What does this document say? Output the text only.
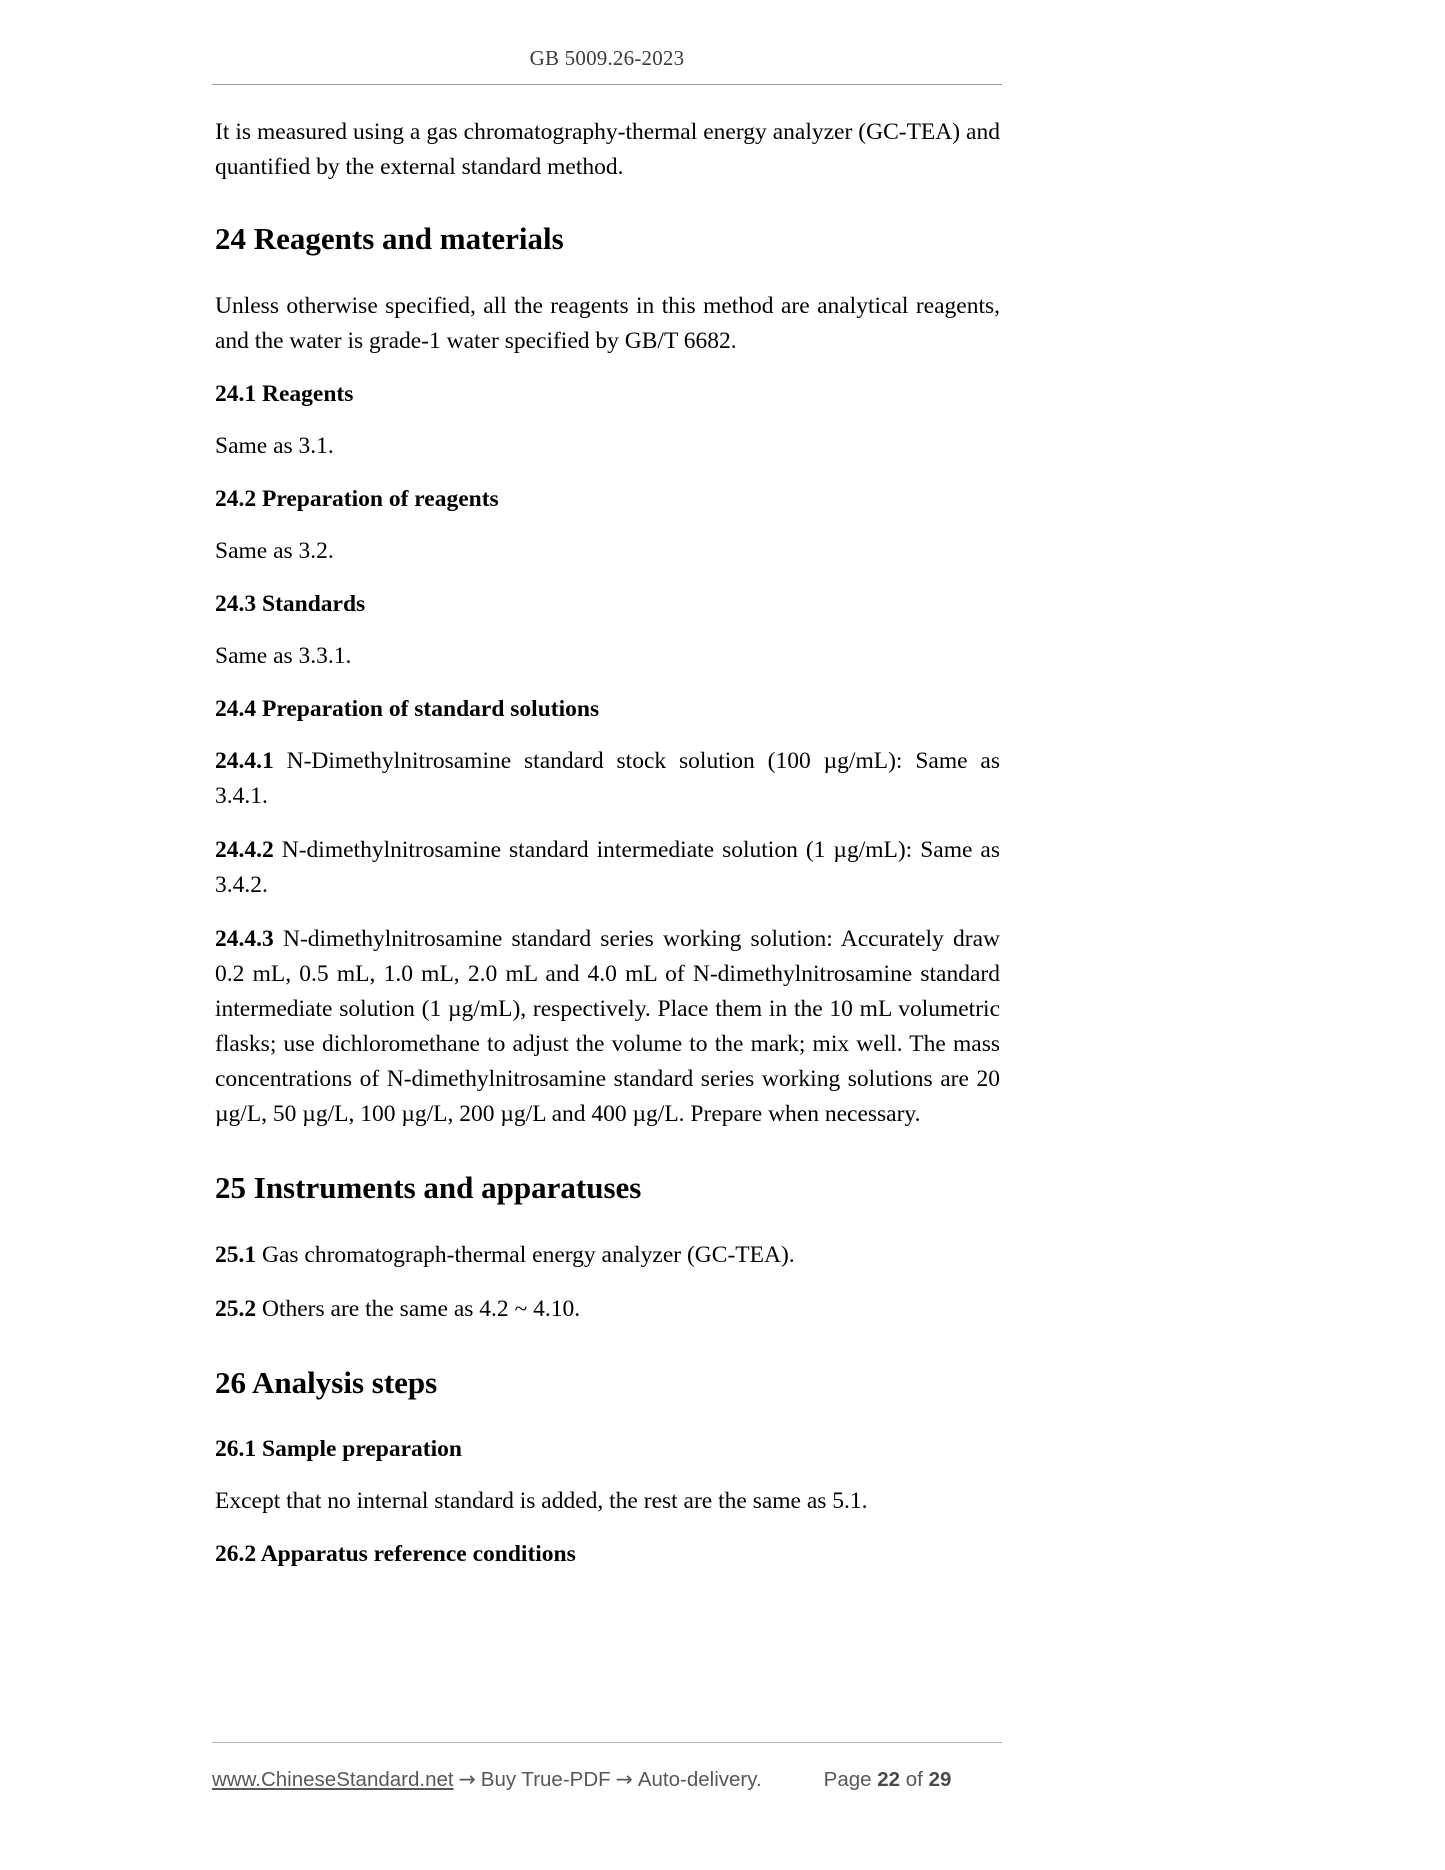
GB 5009.26-2023

It is measured using a gas chromatography-thermal energy analyzer (GC-TEA) and quantified by the external standard method.

24 Reagents and materials

Unless otherwise specified, all the reagents in this method are analytical reagents, and the water is grade-1 water specified by GB/T 6682.

24.1 Reagents

Same as 3.1.

24.2 Preparation of reagents

Same as 3.2.

24.3 Standards

Same as 3.3.1.

24.4 Preparation of standard solutions

24.4.1 N-Dimethylnitrosamine standard stock solution (100 µg/mL): Same as 3.4.1.

24.4.2 N-dimethylnitrosamine standard intermediate solution (1 µg/mL): Same as 3.4.2.

24.4.3 N-dimethylnitrosamine standard series working solution: Accurately draw 0.2 mL, 0.5 mL, 1.0 mL, 2.0 mL and 4.0 mL of N-dimethylnitrosamine standard intermediate solution (1 µg/mL), respectively. Place them in the 10 mL volumetric flasks; use dichloromethane to adjust the volume to the mark; mix well. The mass concentrations of N-dimethylnitrosamine standard series working solutions are 20 µg/L, 50 µg/L, 100 µg/L, 200 µg/L and 400 µg/L. Prepare when necessary.

25 Instruments and apparatuses

25.1 Gas chromatograph-thermal energy analyzer (GC-TEA).

25.2 Others are the same as 4.2 ~ 4.10.

26 Analysis steps
26.1 Sample preparation

Except that no internal standard is added, the rest are the same as 5.1.

26.2 Apparatus reference conditions
www.ChineseStandard.net → Buy True-PDF → Auto-delivery.	Page 22 of 29
